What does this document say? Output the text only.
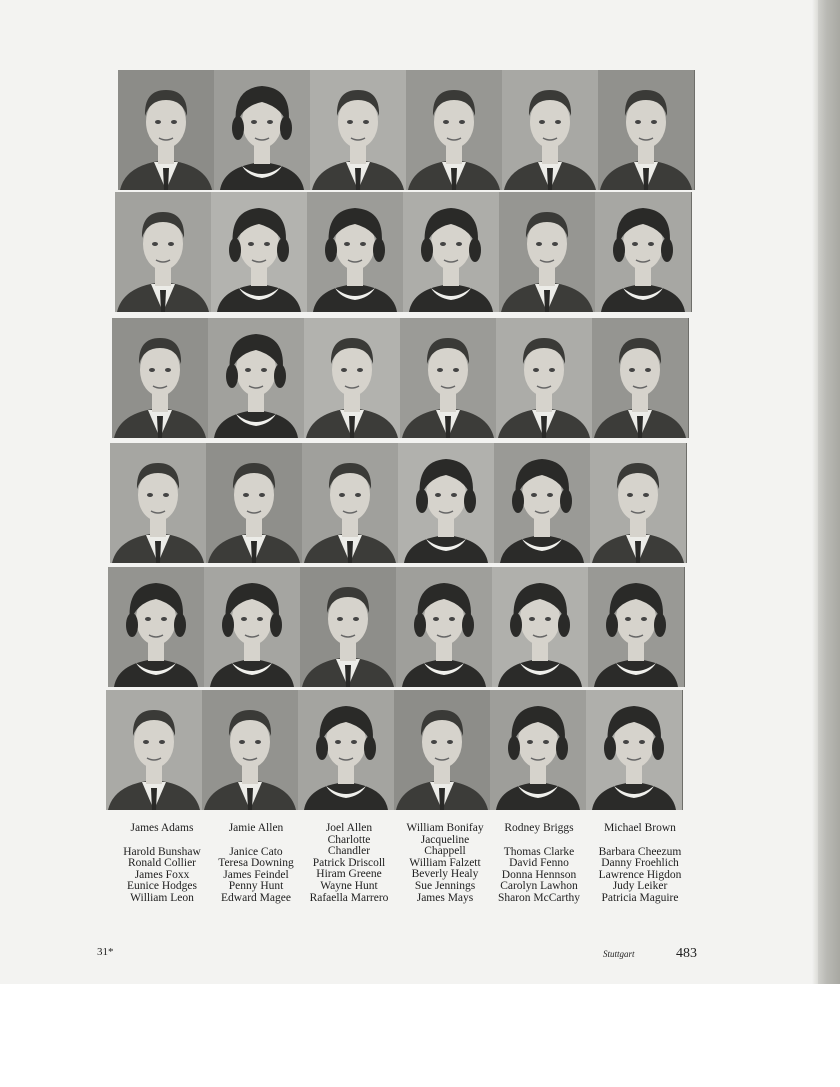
James Adams
Harold Bunshaw
Ronald Collier
James Foxx
Eunice Hodges
William Leon
Jamie Allen
Janice Cato
Teresa Downing
James Feindel
Penny Hunt
Edward Magee
Joel Allen
Charlotte
Chandler
Patrick Driscoll
Hiram Greene
Wayne Hunt
Rafaella Marrero
William Bonifay
Jacqueline
Chappell
William Falzett
Beverly Healy
Sue Jennings
James Mays
Rodney Briggs
Thomas Clarke
David Fenno
Donna Hennson
Carolyn Lawhon
Sharon McCarthy
Michael Brown
Barbara Cheezum
Danny Froehlich
Lawrence Higdon
Judy Leiker
Patricia Maguire
31*	Stuttgart	483
